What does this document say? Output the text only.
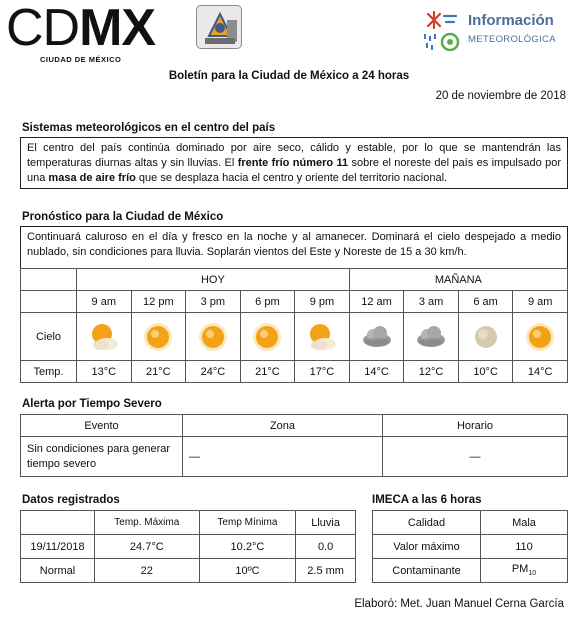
CDMX
CIUDAD DE MÉXICO
Información
METEOROLÓGICA
Boletín para la Ciudad de México a 24 horas
20 de noviembre de 2018
Sistemas meteorológicos en el centro del país
El centro del país continúa dominado por aire seco, cálido y estable, por lo que se mantendrán las temperaturas diurnas altas y sin lluvias. El frente frío número 11 sobre el noreste del país es impulsado por una masa de aire frío que se desplaza hacia el centro y oriente del territorio nacional.
Pronóstico para la Ciudad de México
Continuará caluroso en el día y fresco en la noche y al amanecer. Dominará el cielo despejado a medio nublado, sin condiciones para lluvia. Soplarán vientos del Este y Noreste de 15 a 30 km/h.
	HOY					MAÑANA			
	9 am	12 pm	3 pm	6 pm	9 pm	12 am	3 am	6 am	9 am
Cielo									
Temp.	13°C	21°C	24°C	21°C	17°C	14°C	12°C	10°C	14°C
Alerta por Tiempo Severo
Evento	Zona	Horario
Sin condiciones para generar tiempo severo	—	—
Datos registrados
	Temp. Máxima	Temp Mínima	Lluvia
19/11/2018	24.7°C	10.2°C	0.0
Normal	22	10ºC	2.5 mm
IMECA a las 6 horas
Calidad	Mala
Valor máximo	110
Contaminante	$PM_{10}$
Elaboró: Met. Juan Manuel Cerna García
